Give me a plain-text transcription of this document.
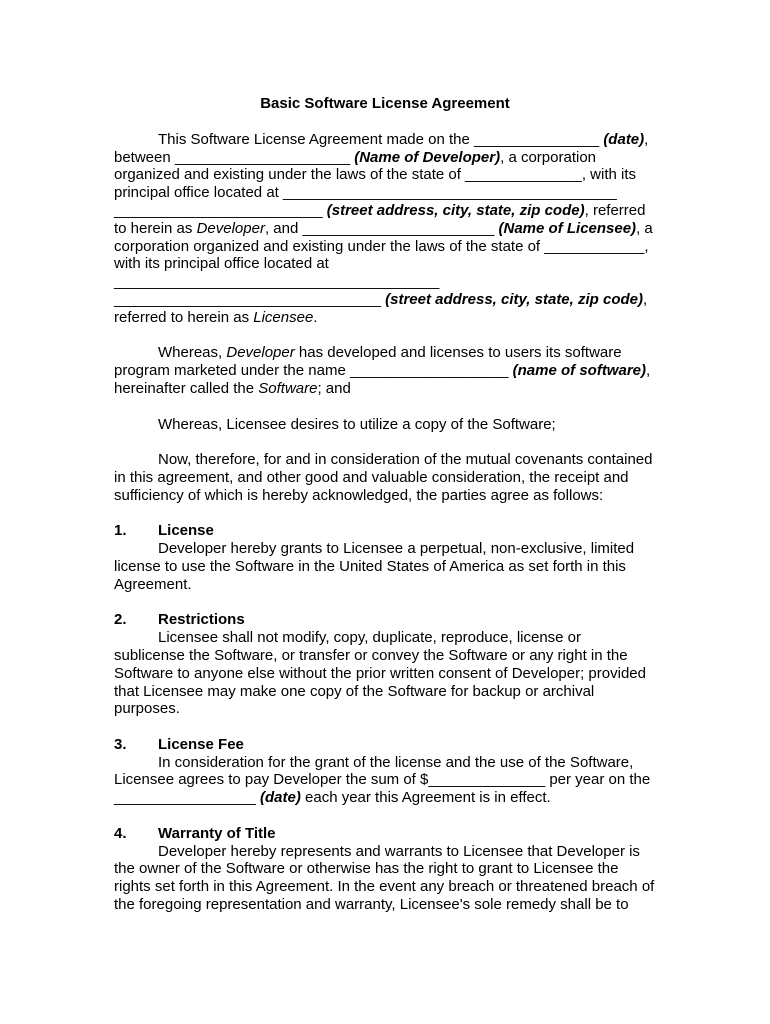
Basic Software License Agreement

This Software License Agreement made on the _______________ (date), between _____________________ (Name of Developer), a corporation organized and existing under the laws of the state of ______________, with its principal office located at ________________________________________ _________________________ (street address, city, state, zip code), referred to herein as Developer, and _______________________ (Name of Licensee), a corporation organized and existing under the laws of the state of ____________, with its principal office located at _______________________________________ ________________________________ (street address, city, state, zip code), referred to herein as Licensee.

Whereas, Developer has developed and licenses to users its software program marketed under the name ___________________ (name of software), hereinafter called the Software; and

Whereas, Licensee desires to utilize a copy of the Software;

Now, therefore, for and in consideration of the mutual covenants contained in this agreement, and other good and valuable consideration, the receipt and sufficiency of which is hereby acknowledged, the parties agree as follows:

1. License

Developer hereby grants to Licensee a perpetual, non-exclusive, limited license to use the Software in the United States of America as set forth in this Agreement.

2. Restrictions

Licensee shall not modify, copy, duplicate, reproduce, license or sublicense the Software, or transfer or convey the Software or any right in the Software to anyone else without the prior written consent of Developer; provided that Licensee may make one copy of the Software for backup or archival purposes.

3. License Fee

In consideration for the grant of the license and the use of the Software, Licensee agrees to pay Developer the sum of $______________ per year on the _________________ (date) each year this Agreement is in effect.

4. Warranty of Title

Developer hereby represents and warrants to Licensee that Developer is the owner of the Software or otherwise has the right to grant to Licensee the rights set forth in this Agreement. In the event any breach or threatened breach of the foregoing representation and warranty, Licensee's sole remedy shall be to
